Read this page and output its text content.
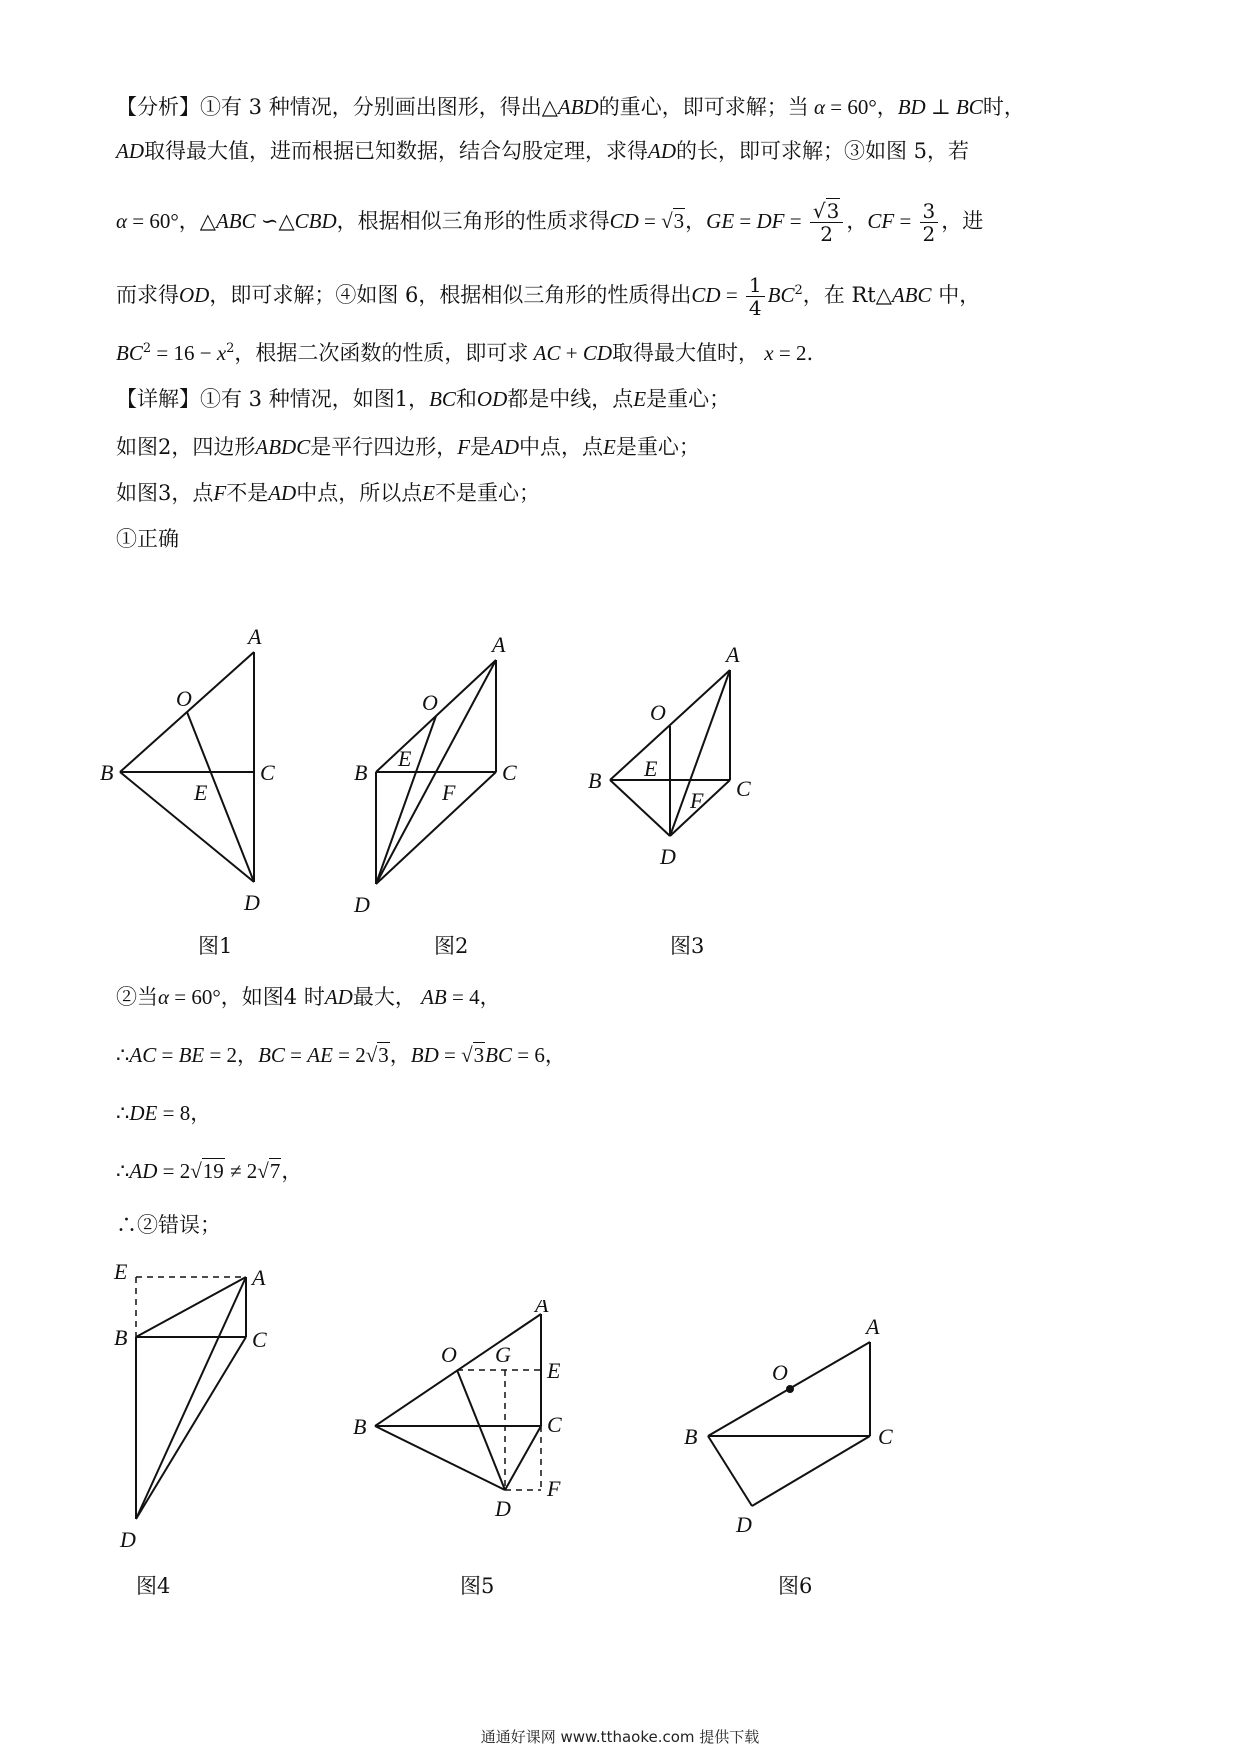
【分析】①有 3 种情况，分别画出图形，得出△ABD的重心，即可求解；当 α = 60°，BD ⊥ BC时，
AD取得最大值，进而根据已知数据，结合勾股定理，求得AD的长，即可求解；③如图 5，若
α = 60°，△ABC ∽△CBD，根据相似三角形的性质求得CD = √3，GE = DF = $\frac{√3}{2}$ ，CF = $\frac{3}{2}$ ，进
而求得OD，即可求解；④如图 6，根据相似三角形的性质得出CD = $\frac{1}{4} BC^2$，在 Rt△ABC 中，
$BC^2 = 16 - x^2$，根据二次函数的性质，即可求 AC + CD取得最大值时， x = 2.
【详解】①有 3 种情况，如图1，BC和OD都是中线，点E是重心；
如图2，四边形ABDC是平行四边形，F是AD中点，点E是重心；
如图3，点F不是AD中点，所以点E不是重心；
①正确
A
O
B	C
E
D
图1
A
O
B	C
E
F
D
图2
A
O
B	C
E
F
D
图3
②当α = 60°，如图4 时AD最大， AB = 4，
∴AC = BE = 2，BC = AE = 2√3，BD = √3BC = 6，
∴DE = 8，
∴AD = 2√19 ≠ 2√7，
∴②错误；
E	A
B	C
D
图4
A
O G
E
B	C
D
F
图5
A
O
B	C
D
图6
通通好课网 www.tthaoke.com 提供下载
